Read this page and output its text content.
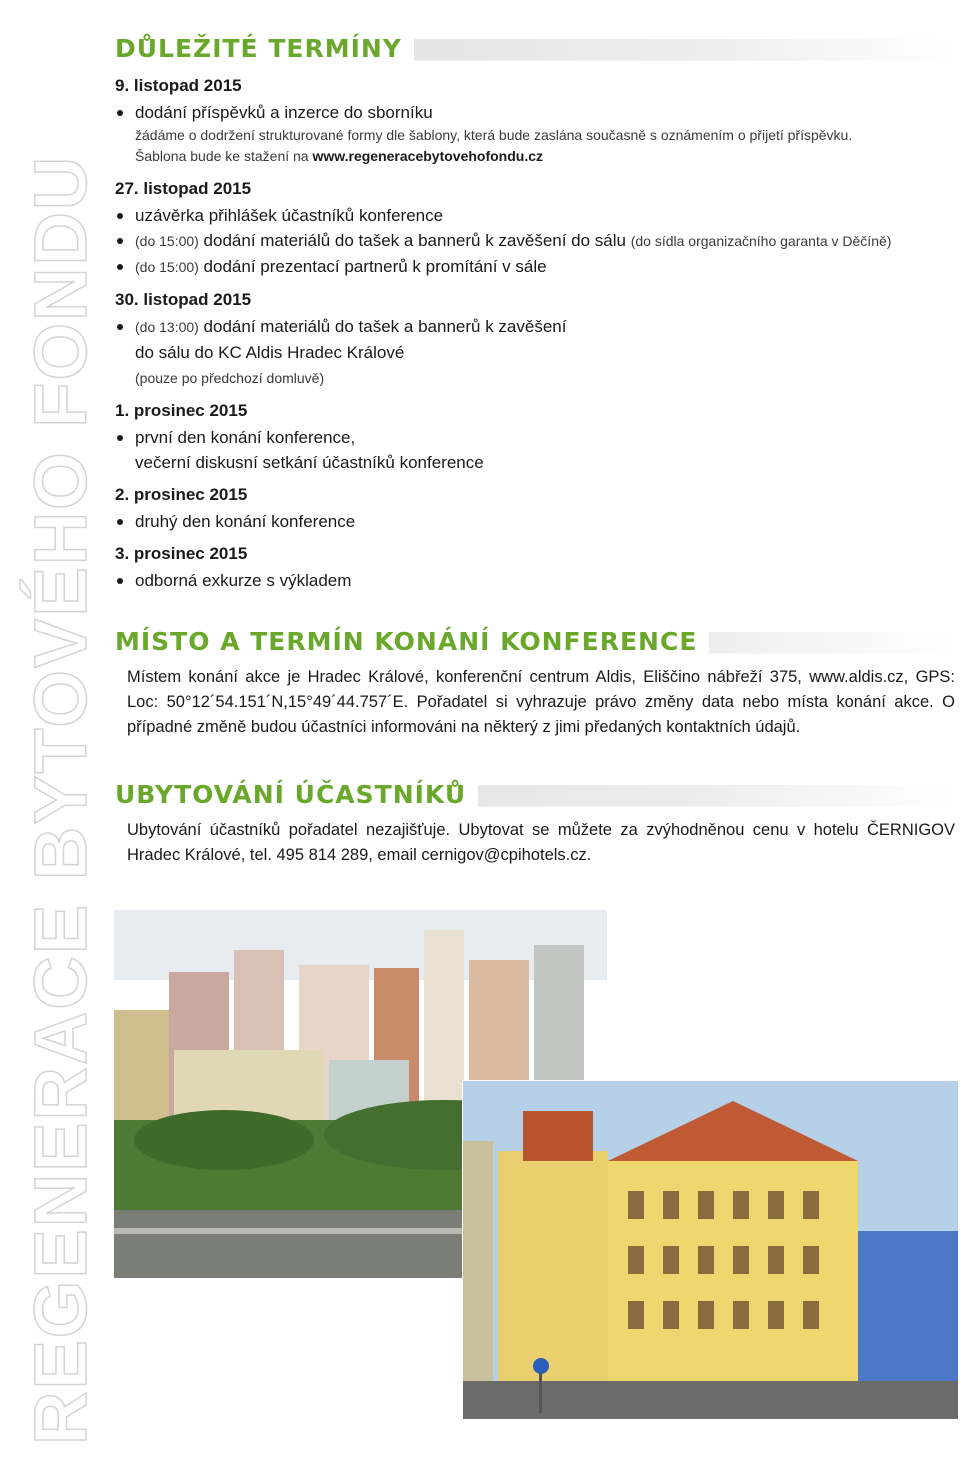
REGENERACE BYTOVÉHO FONDU
DŮLEŽITÉ TERMÍNY
9. listopad 2015
dodání příspěvků a inzerce do sborníku
žádáme o dodržení strukturované formy dle šablony, která bude zaslána současně s oznámením o přijetí příspěvku.
Šablona bude ke stažení na www.regeneracebytovehofondu.cz
27. listopad 2015
uzávěrka přihlášek účastníků konference
(do 15:00) dodání materiálů do tašek a bannerů k zavěšení do sálu (do sídla organizačního garanta v Děčíně)
(do 15:00) dodání prezentací partnerů k promítání v sále
30. listopad 2015
(do 13:00) dodání materiálů do tašek a bannerů k zavěšení
do sálu do KC Aldis Hradec Králové
(pouze po předchozí domluvě)
1. prosinec 2015
první den konání konference,
večerní diskusní setkání účastníků konference
2. prosinec 2015
druhý den konání konference
3. prosinec 2015
odborná exkurze s výkladem
MÍSTO A TERMÍN KONÁNÍ KONFERENCE

Místem konání akce je Hradec Králové, konferenční centrum Aldis, Eliščino nábřeží 375, www.aldis.cz, GPS: Loc: 50°12´54.151´N,15°49´44.757´E. Pořadatel si vyhrazuje právo změny data nebo místa konání akce. O případné změně budou účastníci informováni na některý z jimi předaných kontaktních údajů.

UBYTOVÁNÍ ÚČASTNÍKŮ

Ubytování účastníků pořadatel nezajišťuje. Ubytovat se můžete za zvýhodněnou cenu v hotelu ČERNIGOV Hradec Králové, tel. 495 814 289, email cernigov@cpihotels.cz.
